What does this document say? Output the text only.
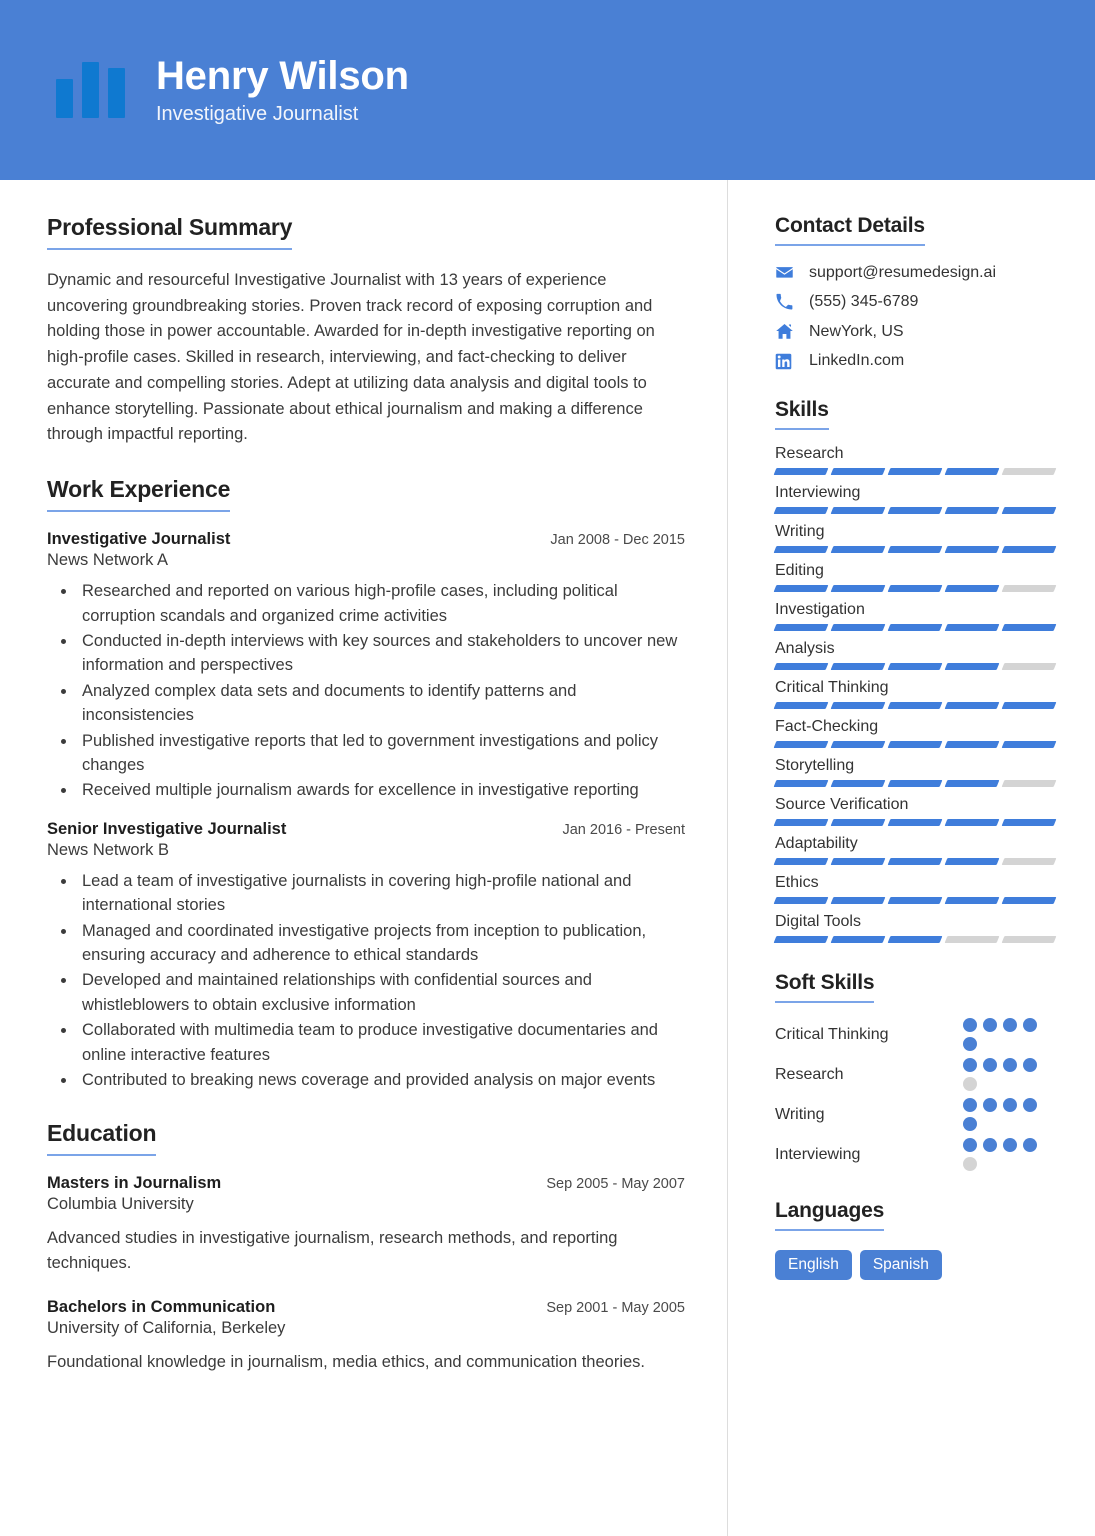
Henry Wilson
Investigative Journalist
Professional Summary
Dynamic and resourceful Investigative Journalist with 13 years of experience uncovering groundbreaking stories. Proven track record of exposing corruption and holding those in power accountable. Awarded for in-depth investigative reporting on high-profile cases. Skilled in research, interviewing, and fact-checking to deliver accurate and compelling stories. Adept at utilizing data analysis and digital tools to enhance storytelling. Passionate about ethical journalism and making a difference through impactful reporting.
Work Experience
Investigative Journalist	Jan 2008 - Dec 2015
News Network A
• Researched and reported on various high-profile cases, including political corruption scandals and organized crime activities
• Conducted in-depth interviews with key sources and stakeholders to uncover new information and perspectives
• Analyzed complex data sets and documents to identify patterns and inconsistencies
• Published investigative reports that led to government investigations and policy changes
• Received multiple journalism awards for excellence in investigative reporting
Senior Investigative Journalist	Jan 2016 - Present
News Network B
• Lead a team of investigative journalists in covering high-profile national and international stories
• Managed and coordinated investigative projects from inception to publication, ensuring accuracy and adherence to ethical standards
• Developed and maintained relationships with confidential sources and whistleblowers to obtain exclusive information
• Collaborated with multimedia team to produce investigative documentaries and online interactive features
• Contributed to breaking news coverage and provided analysis on major events
Education
Masters in Journalism	Sep 2005 - May 2007
Columbia University
Advanced studies in investigative journalism, research methods, and reporting techniques.
Bachelors in Communication	Sep 2001 - May 2005
University of California, Berkeley
Foundational knowledge in journalism, media ethics, and communication theories.
Contact Details
support@resumedesign.ai
(555) 345-6789
NewYork, US
LinkedIn.com
Skills
Research
Interviewing
Writing
Editing
Investigation
Analysis
Critical Thinking
Fact-Checking
Storytelling
Source Verification
Adaptability
Ethics
Digital Tools
Soft Skills
Critical Thinking
Research
Writing
Interviewing
Languages
English	Spanish
